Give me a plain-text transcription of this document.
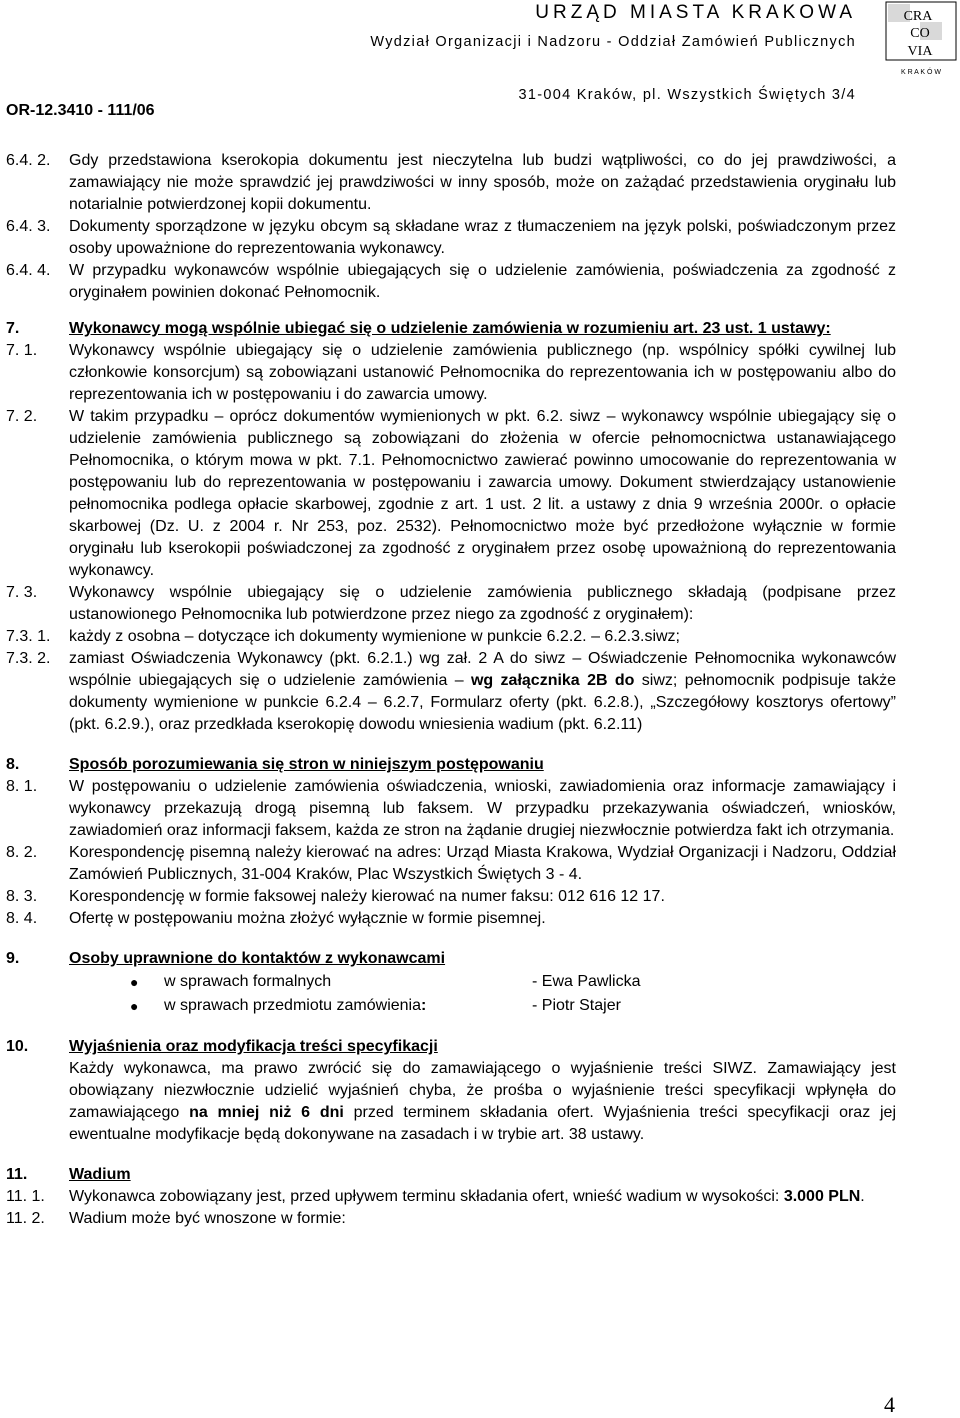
URZĄD MIASTA KRAKOWA
Wydział Organizacji i Nadzoru - Oddział Zamówień Publicznych
31-004 Kraków, pl. Wszystkich Świętych 3/4
OR-12.3410 - 111/06
CRA
CO
VIA
K R A K Ó W
6.4. 2.	Gdy przedstawiona kserokopia dokumentu jest nieczytelna lub budzi wątpliwości, co do jej prawdziwości, a zamawiający nie może sprawdzić jej prawdziwości w inny sposób, może on zażądać przedstawienia oryginału lub notarialnie potwierdzonej kopii dokumentu.
6.4. 3.	Dokumenty sporządzone w języku obcym są składane wraz z tłumaczeniem na język polski, poświadczonym przez osoby upoważnione do reprezentowania wykonawcy.
6.4. 4.	W przypadku wykonawców wspólnie ubiegających się o udzielenie zamówienia, poświadczenia za zgodność z oryginałem powinien dokonać Pełnomocnik.
7.	Wykonawcy mogą wspólnie ubiegać się o udzielenie zamówienia w rozumieniu art. 23 ust. 1 ustawy:
7. 1.	Wykonawcy wspólnie ubiegający się o udzielenie zamówienia publicznego (np. wspólnicy spółki cywilnej lub członkowie konsorcjum) są zobowiązani ustanowić Pełnomocnika do reprezentowania ich w postępowaniu albo do reprezentowania ich w postępowaniu i do zawarcia umowy.
7. 2.	W takim przypadku – oprócz dokumentów wymienionych w pkt. 6.2. siwz – wykonawcy wspólnie ubiegający się o udzielenie zamówienia publicznego są zobowiązani do złożenia w ofercie pełnomocnictwa ustanawiającego Pełnomocnika, o którym mowa w pkt. 7.1. Pełnomocnictwo zawierać powinno umocowanie do reprezentowania w postępowaniu lub do reprezentowania w postępowaniu i zawarcia umowy. Dokument stwierdzający ustanowienie pełnomocnika podlega opłacie skarbowej, zgodnie z art. 1 ust. 2 lit. a ustawy z dnia 9 września 2000r. o opłacie skarbowej (Dz. U. z 2004 r. Nr 253, poz. 2532). Pełnomocnictwo może być przedłożone wyłącznie w formie oryginału lub kserokopii poświadczonej za zgodność z oryginałem przez osobę upoważnioną do reprezentowania wykonawcy.
7. 3.	Wykonawcy wspólnie ubiegający się o udzielenie zamówienia publicznego składają (podpisane przez ustanowionego Pełnomocnika lub potwierdzone przez niego za zgodność z oryginałem):
7.3. 1.	każdy z osobna – dotyczące ich dokumenty wymienione w punkcie 6.2.2. – 6.2.3.siwz;
7.3. 2.	zamiast Oświadczenia Wykonawcy (pkt. 6.2.1.) wg zał. 2 A do siwz – Oświadczenie Pełnomocnika wykonawców wspólnie ubiegających się o udzielenie zamówienia – wg załącznika 2B do siwz; pełnomocnik podpisuje także dokumenty wymienione w punkcie 6.2.4 – 6.2.7, Formularz oferty (pkt. 6.2.8.), „Szczegółowy kosztorys ofertowy” (pkt. 6.2.9.), oraz przedkłada kserokopię dowodu wniesienia wadium (pkt. 6.2.11)
8.	Sposób porozumiewania się stron w niniejszym postępowaniu
8. 1.	W postępowaniu o udzielenie zamówienia oświadczenia, wnioski, zawiadomienia oraz informacje zamawiający i wykonawcy przekazują drogą pisemną lub faksem. W przypadku przekazywania oświadczeń, wniosków, zawiadomień oraz informacji faksem, każda ze stron na żądanie drugiej niezwłocznie potwierdza fakt ich otrzymania.
8. 2.	Korespondencję pisemną należy kierować na adres: Urząd Miasta Krakowa, Wydział Organizacji i Nadzoru, Oddział Zamówień Publicznych, 31-004 Kraków, Plac Wszystkich Świętych 3 - 4.
8. 3.	Korespondencję w formie faksowej należy kierować na numer faksu: 012 616 12 17.
8. 4.	Ofertę w postępowaniu można złożyć wyłącznie w formie pisemnej.
9.	Osoby uprawnione do kontaktów z wykonawcami
●	w sprawach formalnych	- Ewa Pawlicka
●	w sprawach przedmiotu zamówienia:	- Piotr Stajer
10.	Wyjaśnienia oraz modyfikacja treści specyfikacji
Każdy wykonawca, ma prawo zwrócić się do zamawiającego o wyjaśnienie treści SIWZ. Zamawiający jest obowiązany niezwłocznie udzielić wyjaśnień chyba, że prośba o wyjaśnienie treści specyfikacji wpłynęła do zamawiającego na mniej niż 6 dni przed terminem składania ofert. Wyjaśnienia treści specyfikacji oraz jej ewentualne modyfikacje będą dokonywane na zasadach i w trybie art. 38 ustawy.
11.	Wadium
11. 1.	Wykonawca zobowiązany jest, przed upływem terminu składania ofert, wnieść wadium w wysokości: 3.000 PLN.
11. 2.	Wadium może być wnoszone w formie:
4
